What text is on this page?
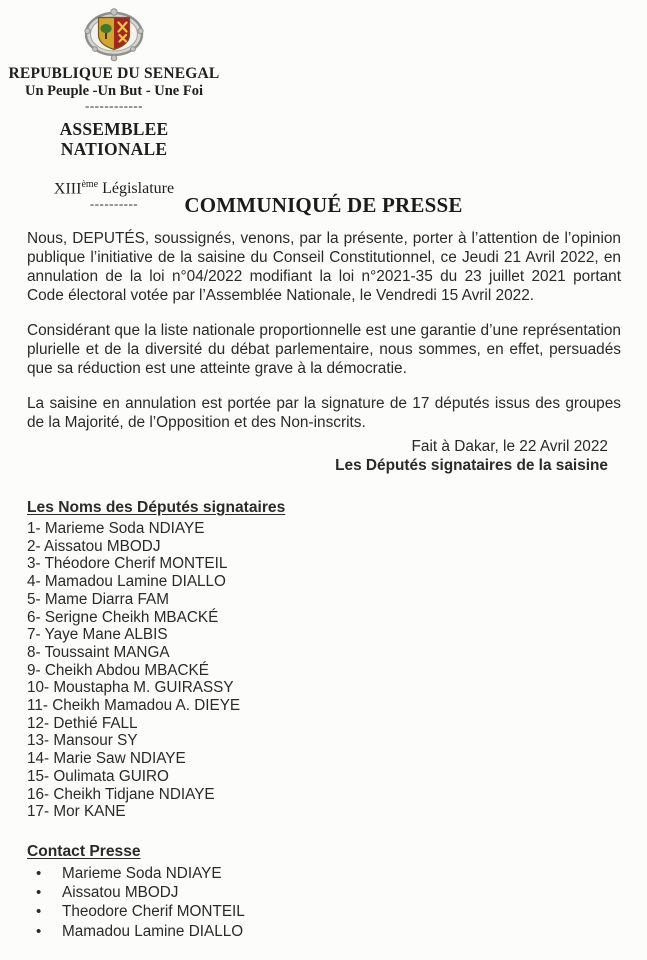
REPUBLIQUE DU SENEGAL
Un Peuple -Un But - Une Foi
------------
ASSEMBLEE NATIONALE
XIIIème Législature
----------	COMMUNIQUÉ DE PRESSE

Nous, DEPUTÉS, soussignés, venons, par la présente, porter à l’attention de l’opinion publique l’initiative de la saisine du Conseil Constitutionnel, ce Jeudi 21 Avril 2022, en annulation de la loi n°04/2022 modifiant la loi n°2021-35 du 23 juillet 2021 portant Code électoral votée par l’Assemblée Nationale, le Vendredi 15 Avril 2022.

Considérant que la liste nationale proportionnelle est une garantie d’une représentation plurielle et de la diversité du débat parlementaire, nous sommes, en effet, persuadés que sa réduction est une atteinte grave à la démocratie.

La saisine en annulation est portée par la signature de 17 députés issus des groupes de la Majorité, de l’Opposition et des Non-inscrits.

Fait à Dakar, le 22 Avril 2022
Les Députés signataires de la saisine
Les Noms des Députés signataires
1- Marieme Soda NDIAYE
2- Aissatou MBODJ
3- Théodore Cherif MONTEIL
4- Mamadou Lamine DIALLO
5- Mame Diarra FAM
6- Serigne Cheikh MBACKÉ
7- Yaye Mane ALBIS
8- Toussaint MANGA
9- Cheikh Abdou MBACKÉ
10- Moustapha M. GUIRASSY
11- Cheikh Mamadou A. DIEYE
12- Dethié FALL
13- Mansour SY
14- Marie Saw NDIAYE
15- Oulimata GUIRO
16- Cheikh Tidjane NDIAYE
17- Mor KANE
Contact Presse
• Marieme Soda NDIAYE
• Aissatou MBODJ
• Theodore Cherif MONTEIL
• Mamadou Lamine DIALLO
